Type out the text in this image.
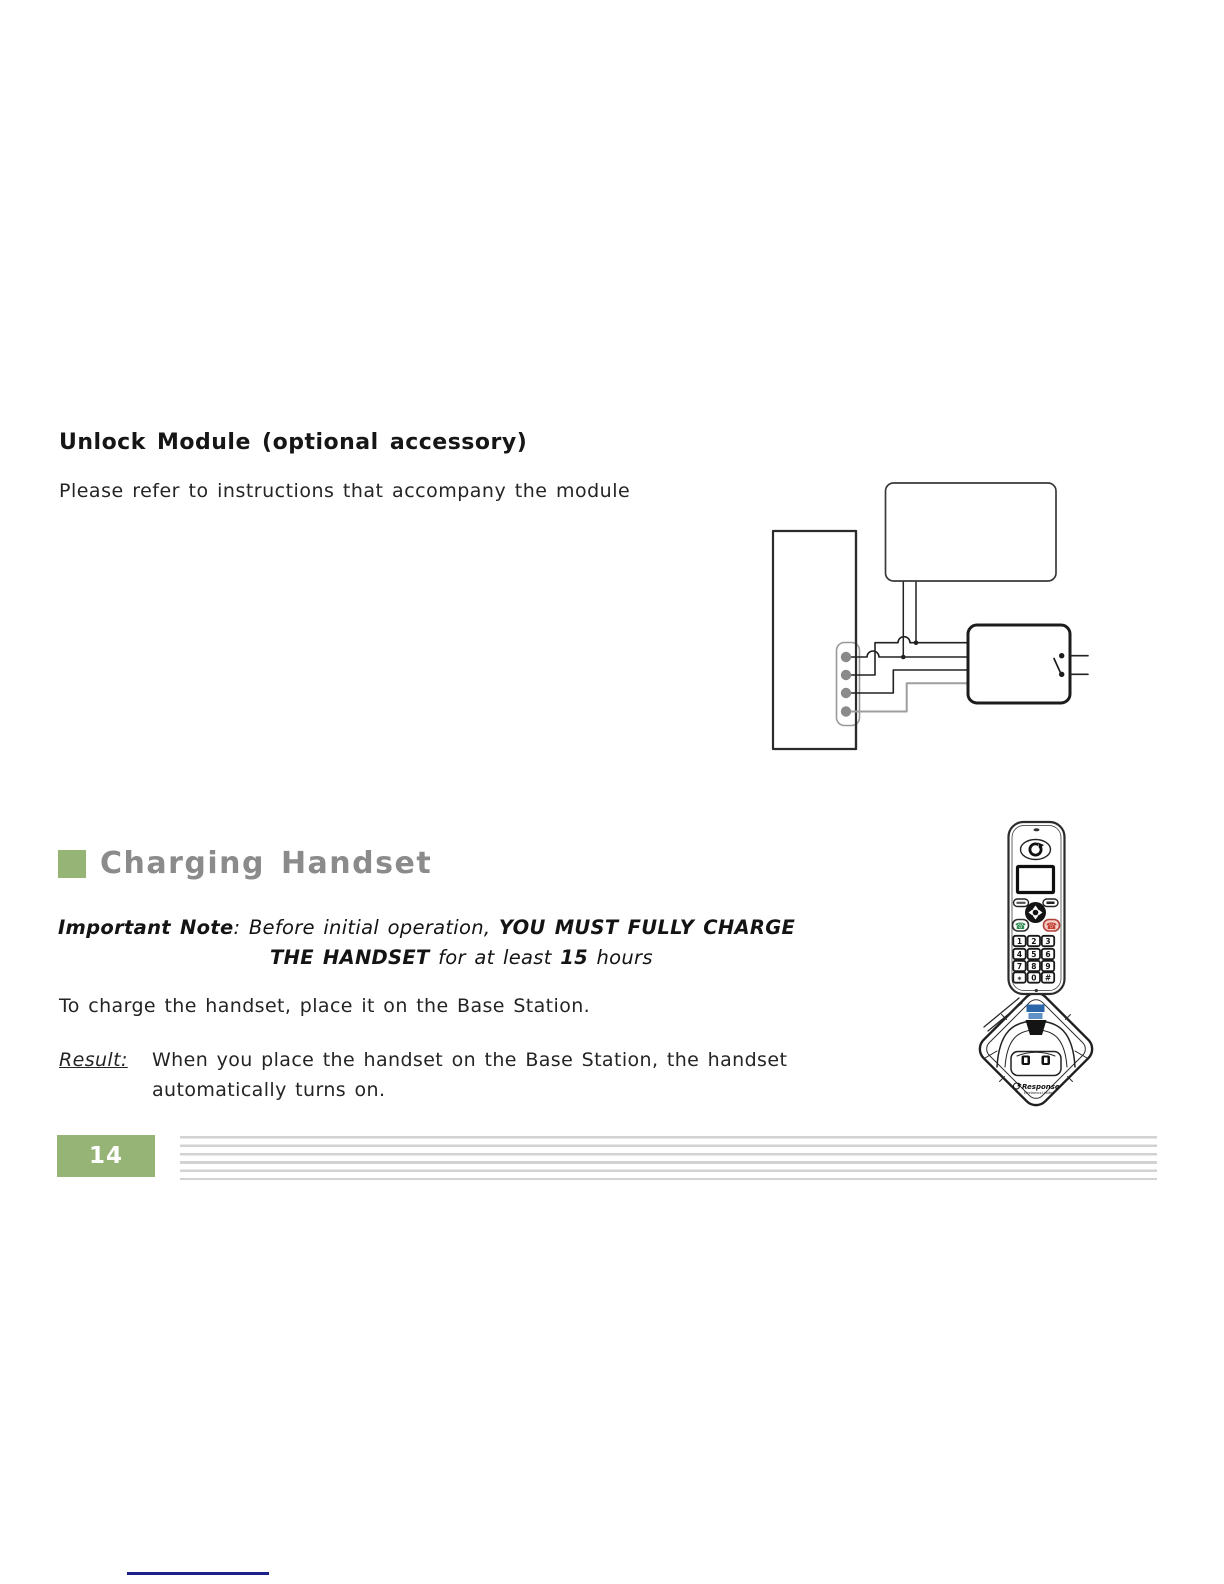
Unlock Module (optional accessory)
Please refer to instructions that accompany the module
☎ ☎
1 2 3
4 5 6
7 8 9
* 0 #
Response
Electronics Limited
Charging Handset
Important Note: Before initial operation, YOU MUST FULLY CHARGE
THE HANDSET for at least 15 hours
To charge the handset, place it on the Base Station.
Result: When you place the handset on the Base Station, the handset
automatically turns on.
14
